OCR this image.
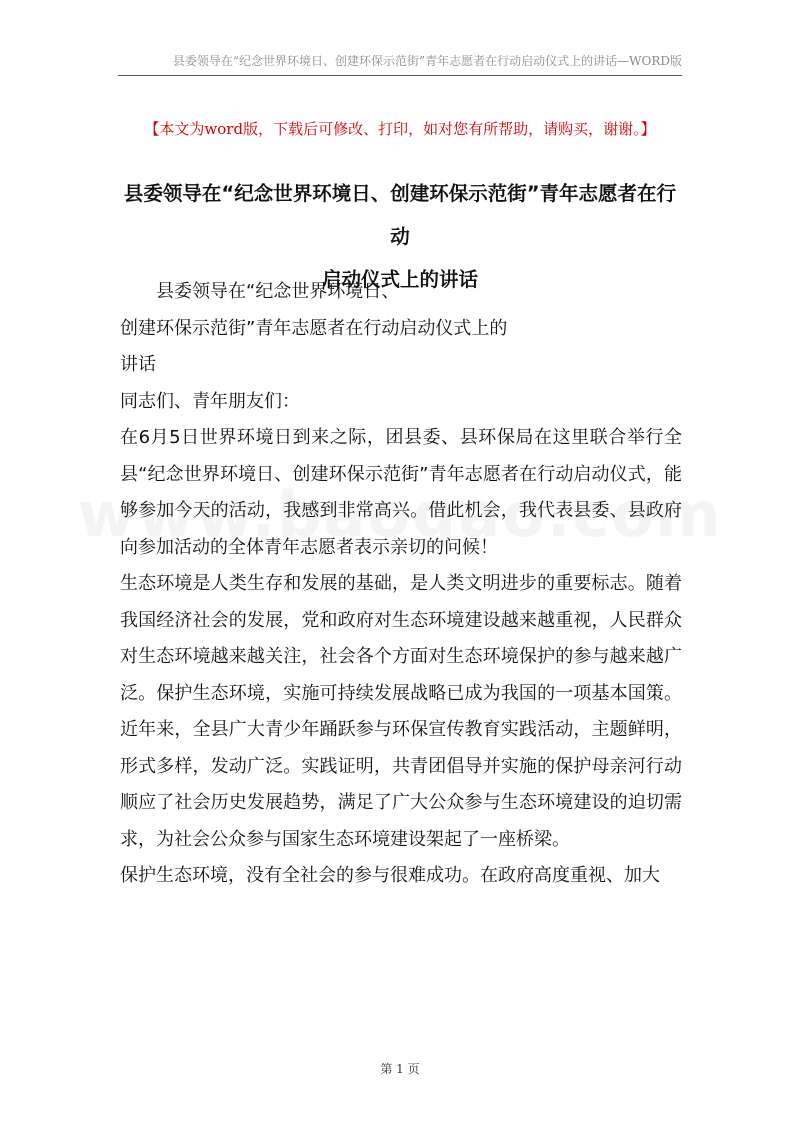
县委领导在“纪念世界环境日、创建环保示范街”青年志愿者在行动启动仪式上的讲话—WORD版
【本文为word版，下载后可修改、打印，如对您有所帮助，请购买，谢谢。】
县委领导在“纪念世界环境日、创建环保示范街”青年志愿者在行动
启动仪式上的讲话

县委领导在“纪念世界环境日、

创建环保示范街”青年志愿者在行动启动仪式上的

讲话

同志们、青年朋友们：

在6月5日世界环境日到来之际，团县委、县环保局在这里联合举行全县“纪念世界环境日、创建环保示范街”青年志愿者在行动启动仪式，能够参加今天的活动，我感到非常高兴。借此机会，我代表县委、县政府向参加活动的全体青年志愿者表示亲切的问候！

生态环境是人类生存和发展的基础，是人类文明进步的重要标志。随着我国经济社会的发展，党和政府对生态环境建设越来越重视，人民群众对生态环境越来越关注，社会各个方面对生态环境保护的参与越来越广泛。保护生态环境，实施可持续发展战略已成为我国的一项基本国策。近年来，全县广大青少年踊跃参与环保宣传教育实践活动，主题鲜明，形式多样，发动广泛。实践证明，共青团倡导并实施的保护母亲河行动顺应了社会历史发展趋势，满足了广大公众参与生态环境建设的迫切需求，为社会公众参与国家生态环境建设架起了一座桥梁。

保护生态环境，没有全社会的参与很难成功。在政府高度重视、加大

第 1 页
